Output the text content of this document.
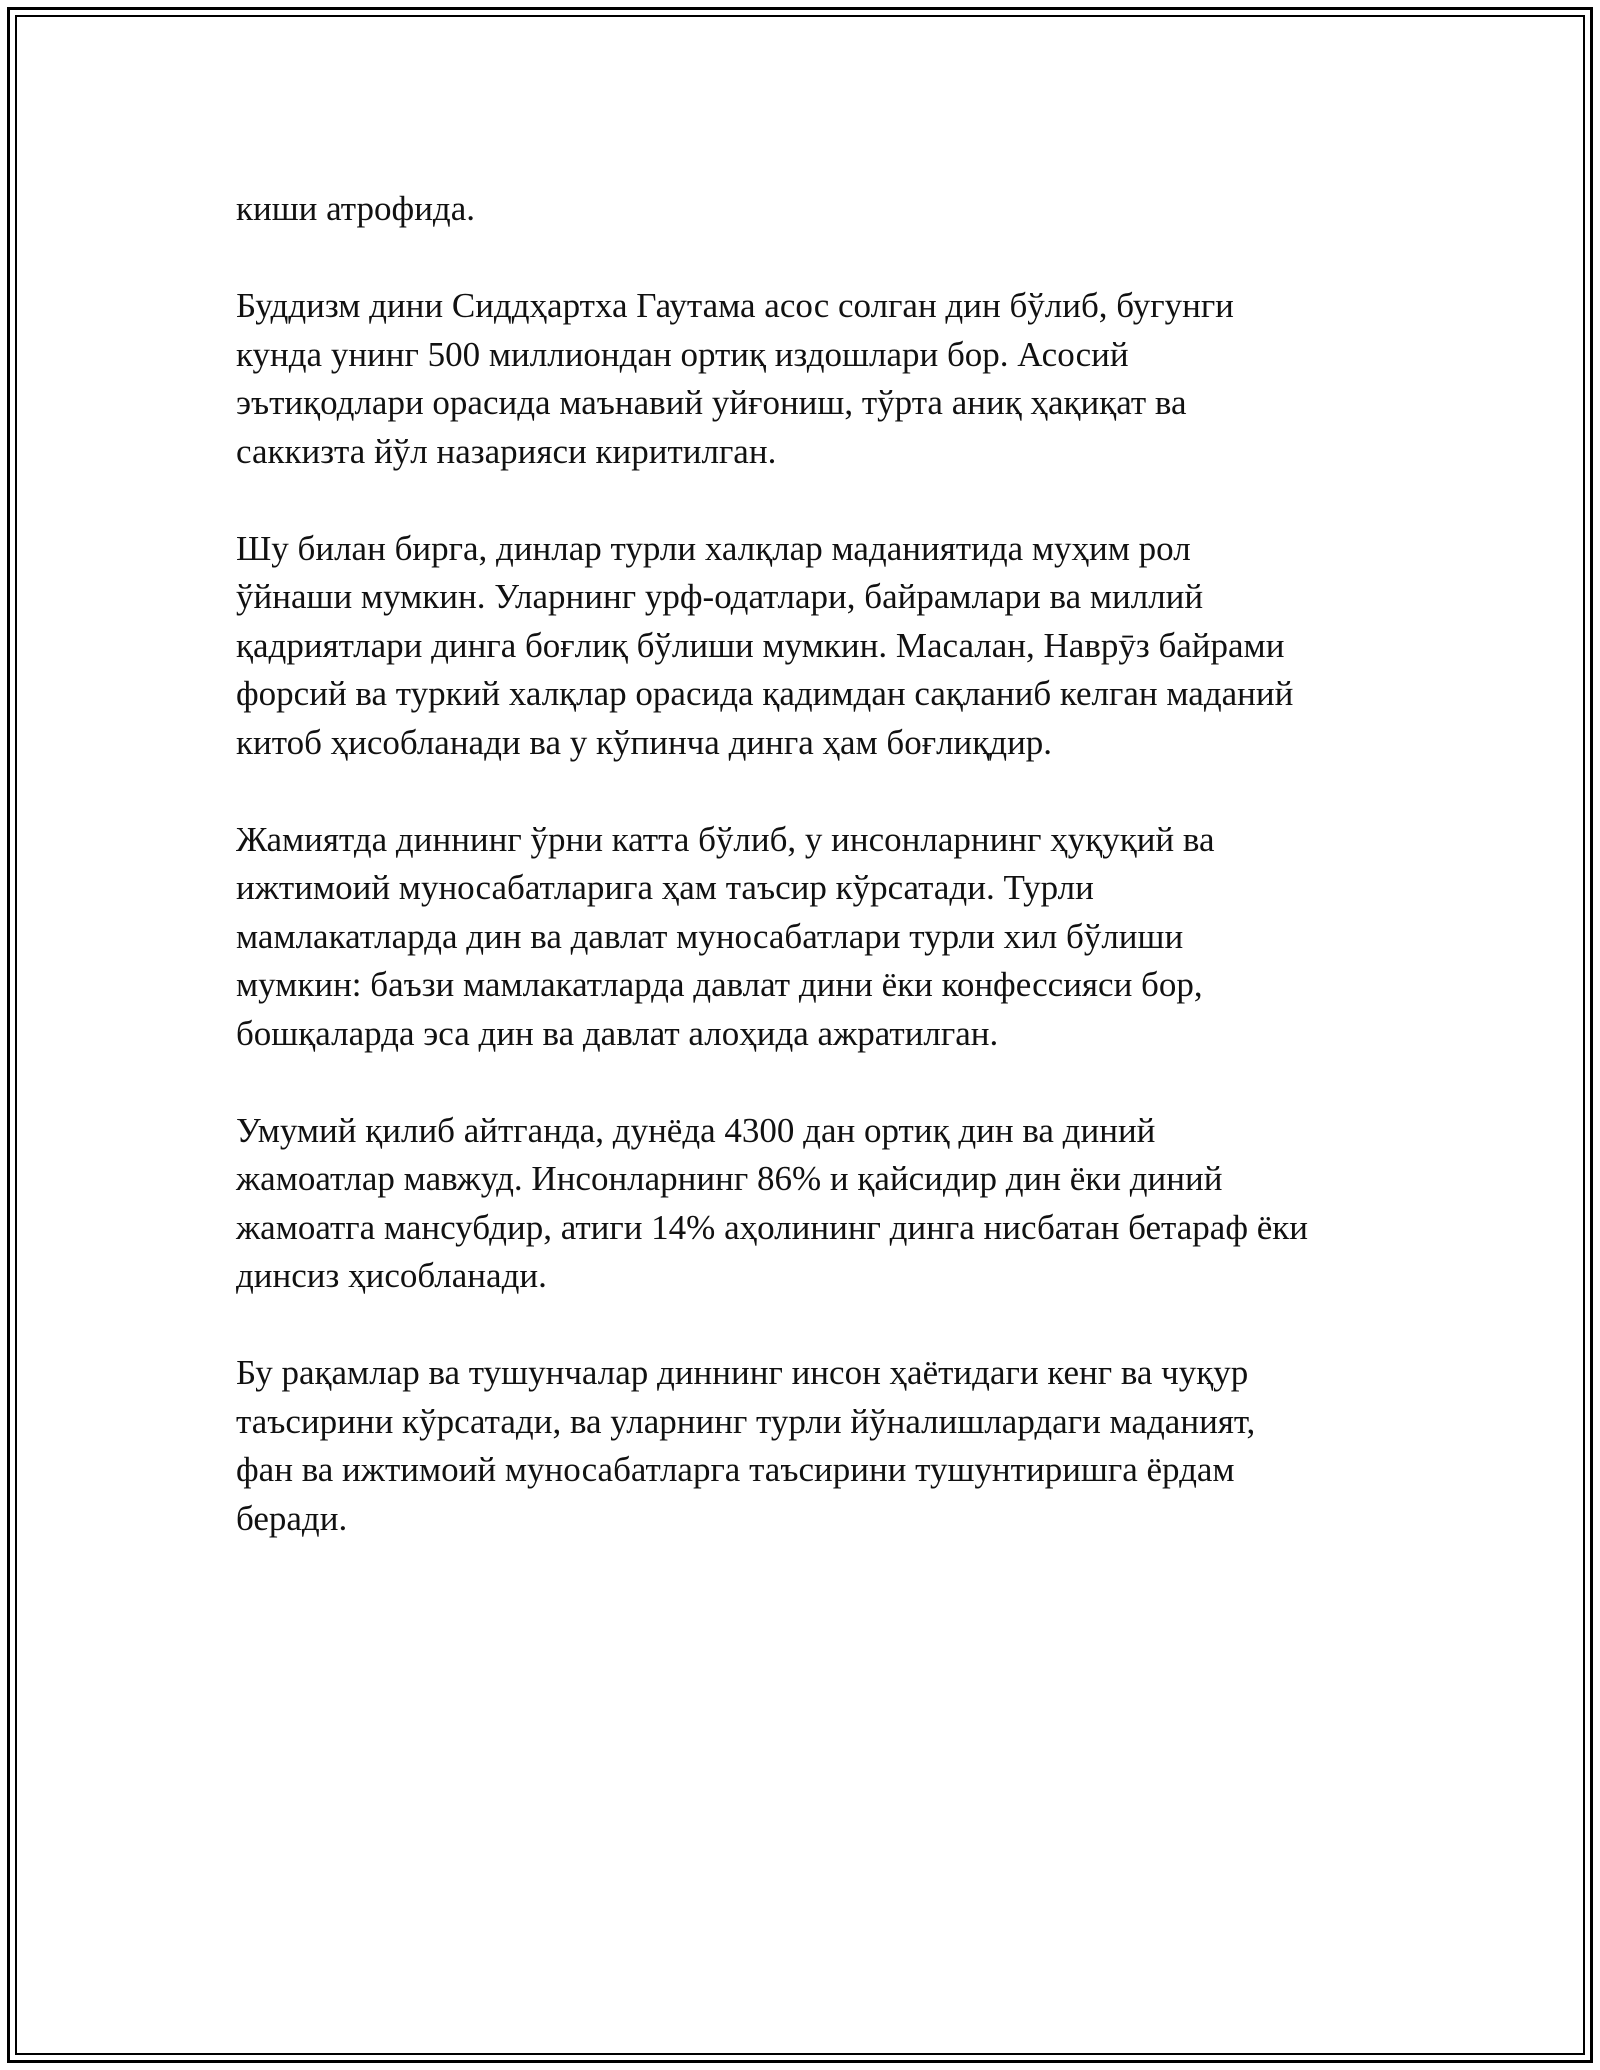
киши атрофида.

Буддизм дини Сиддҳартха Гаутама асос солган дин бўлиб, бугунги
кунда унинг 500 миллиондан ортиқ издошлари бор. Асосий
эътиқодлари орасида маънавий уйғониш, тўрта аниқ ҳақиқат ва
саккизта йўл назарияси киритилган.

Шу билан бирга, динлар турли халқлар маданиятида муҳим рол
ўйнаши мумкин. Уларнинг урф-одатлари, байрамлари ва миллий
қадриятлари динга боғлиқ бўлиши мумкин. Масалан, Наврӯз байрами
форсий ва туркий халқлар орасида қадимдан сақланиб келган маданий
китоб ҳисобланади ва у кўпинча динга ҳам боғлиқдир.

Жамиятда диннинг ўрни катта бўлиб, у инсонларнинг ҳуқуқий ва
ижтимоий муносабатларига ҳам таъсир кўрсатади. Турли
мамлакатларда дин ва давлат муносабатлари турли хил бўлиши
мумкин: баъзи мамлакатларда давлат дини ёки конфессияси бор,
бошқаларда эса дин ва давлат алоҳида ажратилган.

Умумий қилиб айтганда, дунёда 4300 дан ортиқ дин ва диний
жамоатлар мавжуд. Инсонларнинг 86% и қайсидир дин ёки диний
жамоатга мансубдир, атиги 14% аҳолининг динга нисбатан бетараф ёки
динсиз ҳисобланади.

Бу рақамлар ва тушунчалар диннинг инсон ҳаётидаги кенг ва чуқур
таъсирини кўрсатади, ва уларнинг турли йўналишлардаги маданият,
фан ва ижтимоий муносабатларга таъсирини тушунтиришга ёрдам
беради.
